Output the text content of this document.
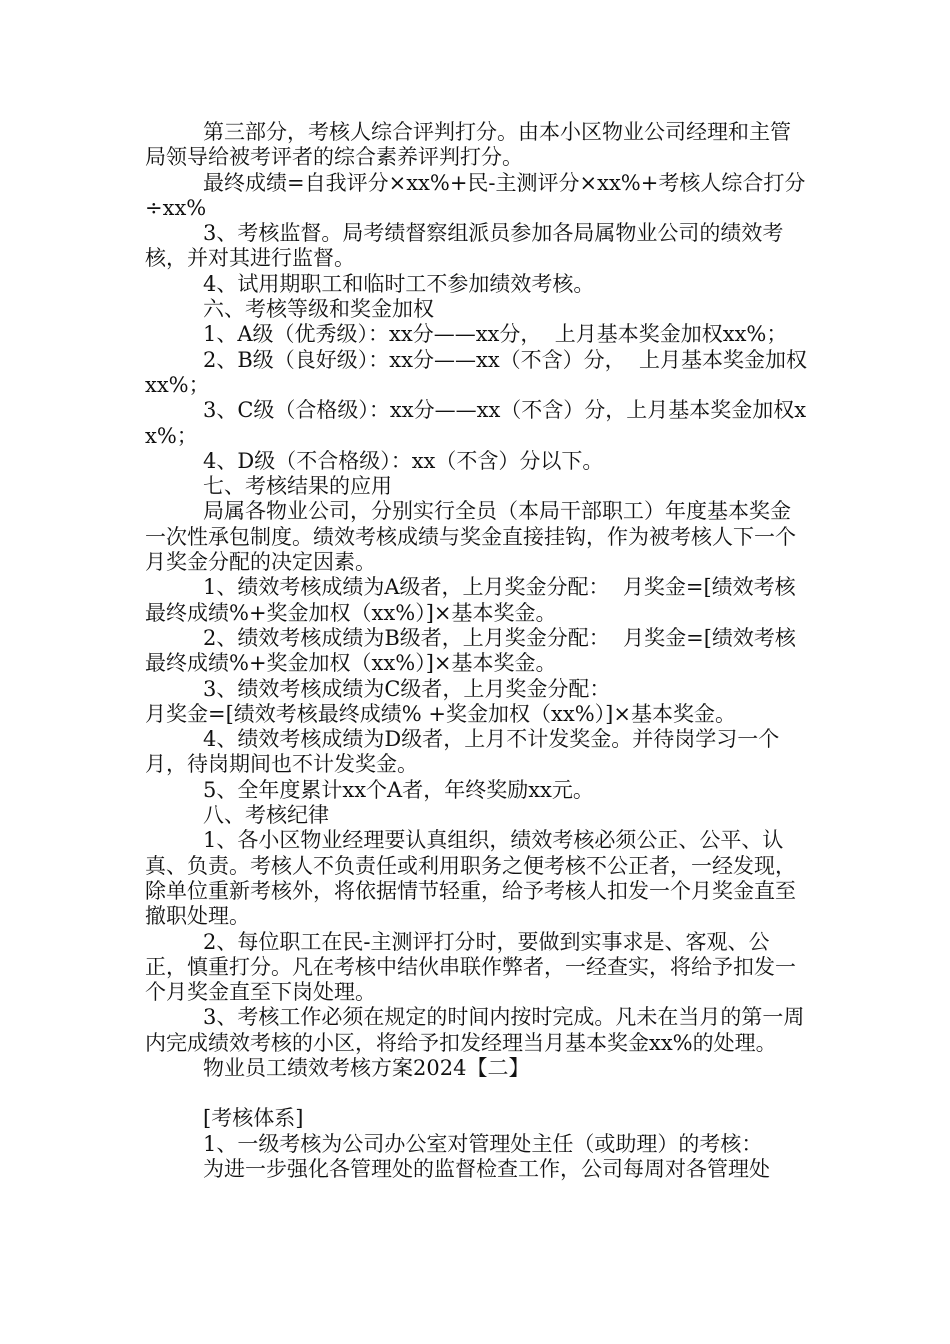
第三部分，考核人综合评判打分。由本小区物业公司经理和主管局领导给被考评者的综合素养评判打分。

最终成绩=自我评分×xx%+民-主测评分×xx%+考核人综合打分÷xx%

3、考核监督。局考绩督察组派员参加各局属物业公司的绩效考核，并对其进行监督。

4、试用期职工和临时工不参加绩效考核。

六、考核等级和奖金加权

1、A级（优秀级）：xx分——xx分，  上月基本奖金加权xx%；

2、B级（良好级）：xx分——xx（不含）分，  上月基本奖金加权xx%；

3、C级（合格级）：xx分——xx（不含）分，上月基本奖金加权xx%；

4、D级（不合格级）：xx（不含）分以下。

七、考核结果的应用

局属各物业公司，分别实行全员（本局干部职工）年度基本奖金一次性承包制度。绩效考核成绩与奖金直接挂钩，作为被考核人下一个月奖金分配的决定因素。

1、绩效考核成绩为A级者，上月奖金分配：  月奖金=[绩效考核最终成绩%+奖金加权（xx%）]×基本奖金。

2、绩效考核成绩为B级者，上月奖金分配：  月奖金=[绩效考核最终成绩%+奖金加权（xx%）]×基本奖金。

3、绩效考核成绩为C级者，上月奖金分配：

月奖金=[绩效考核最终成绩% +奖金加权（xx%）]×基本奖金。

4、绩效考核成绩为D级者，上月不计发奖金。并待岗学习一个月，待岗期间也不计发奖金。

5、全年度累计xx个A者，年终奖励xx元。

八、考核纪律

1、各小区物业经理要认真组织，绩效考核必须公正、公平、认真、负责。考核人不负责任或利用职务之便考核不公正者，一经发现，除单位重新考核外，将依据情节轻重，给予考核人扣发一个月奖金直至撤职处理。

2、每位职工在民-主测评打分时，要做到实事求是、客观、公正，慎重打分。凡在考核中结伙串联作弊者，一经查实，将给予扣发一个月奖金直至下岗处理。

3、考核工作必须在规定的时间内按时完成。凡未在当月的第一周内完成绩效考核的小区，将给予扣发经理当月基本奖金xx%的处理。

物业员工绩效考核方案2024【二】

[考核体系]

1、一级考核为公司办公室对管理处主任（或助理）的考核：

为进一步强化各管理处的监督检查工作，公司每周对各管理处
